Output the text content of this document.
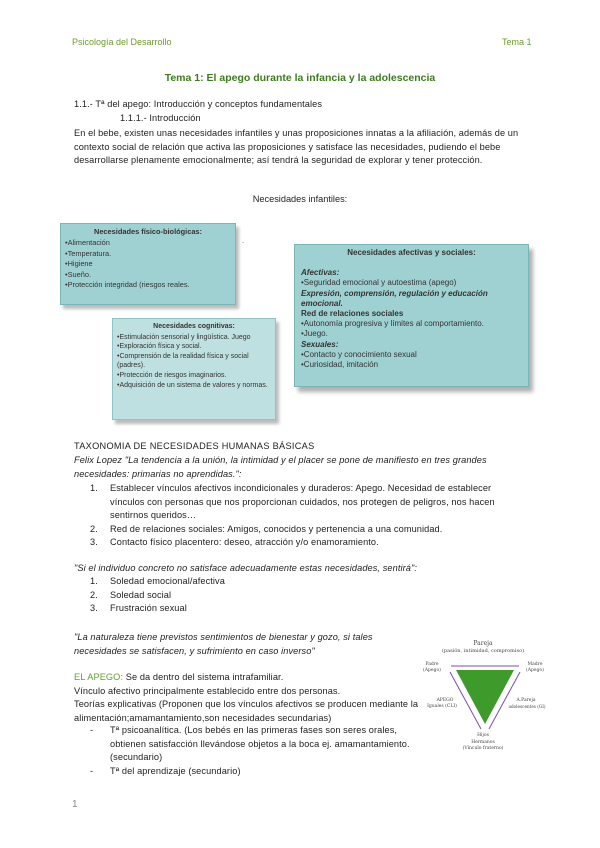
Psicología del Desarrollo	Tema 1
Tema 1: El apego durante la infancia y la adolescencia
1.1.- Tª del apego: Introducción y conceptos fundamentales
1.1.1.- Introducción
En el bebe, existen unas necesidades infantiles y unas proposiciones innatas a la afiliación, además de un contexto social de relación que activa las proposiciones y satisface las necesidades, pudiendo el bebe desarrollarse plenamente emocionalmente; así tendrá la seguridad de explorar y tener protección.
Necesidades infantiles:
Necesidades físico-biológicas:
•Alimentación
•Temperatura.
•Higiene
•Sueño.
•Protección integridad (riesgos reales.
.
Necesidades cognitivas:
•Estimulación sensorial y lingüística. Juego
•Exploración física y social.
•Comprensión de la realidad física y social (padres).
•Protección de riesgos imaginarios.
•Adquisición de un sistema de valores y normas.
Necesidades afectivas y sociales:
Afectivas:
•Seguridad emocional y autoestima (apego)
Expresión, comprensión, regulación y educación emocional.
Red de relaciones sociales
•Autonomía progresiva y límites al comportamiento.
•Juego.
Sexuales:
•Contacto y conocimiento sexual
•Curiosidad, imitación
TAXONOMIA DE NECESIDADES HUMANAS BÁSICAS
Felix Lopez "La tendencia a la unión, la intimidad y el placer se pone de manifiesto en tres grandes necesidades: primarias no aprendidas.":
1. Establecer vínculos afectivos incondicionales y duraderos: Apego. Necesidad de establecer vínculos con personas que nos proporcionan cuidados, nos protegen de peligros, nos hacen sentirnos queridos…
2. Red de relaciones sociales: Amigos, conocidos y pertenencia a una comunidad.
3. Contacto físico placentero: deseo, atracción y/o enamoramiento.
"Si el individuo concreto no satisface adecuadamente estas necesidades, sentirá":
1. Soledad emocional/afectiva
2. Soledad social
3. Frustración sexual
"La naturaleza tiene previstos sentimientos de bienestar y gozo, si tales necesidades se satisfacen, y sufrimiento en caso inverso"
EL APEGO: Se da dentro del sistema intrafamiliar.
Vínculo afectivo principalmente establecido entre dos personas.
Teorías explicativas (Proponen que los vínculos afectivos se producen mediante la alimentación;amamantamiento,son necesidades secundarias)
- Tª psicoanalítica. (Los bebés en las primeras fases son seres orales, obtienen satisfacción llevándose objetos a la boca ej. amamantamiento. (secundario)
- Tª del aprendizaje (secundario)
Pareja
(pasión, intimidad, compromiso)
Padre
(Apego)
Madre
(Apego)
APEGO
Iguales (CLI)
A.Pareja
adolescentes (GI)
Hijos
Hermanos
(Vínculo fraterno)
1
